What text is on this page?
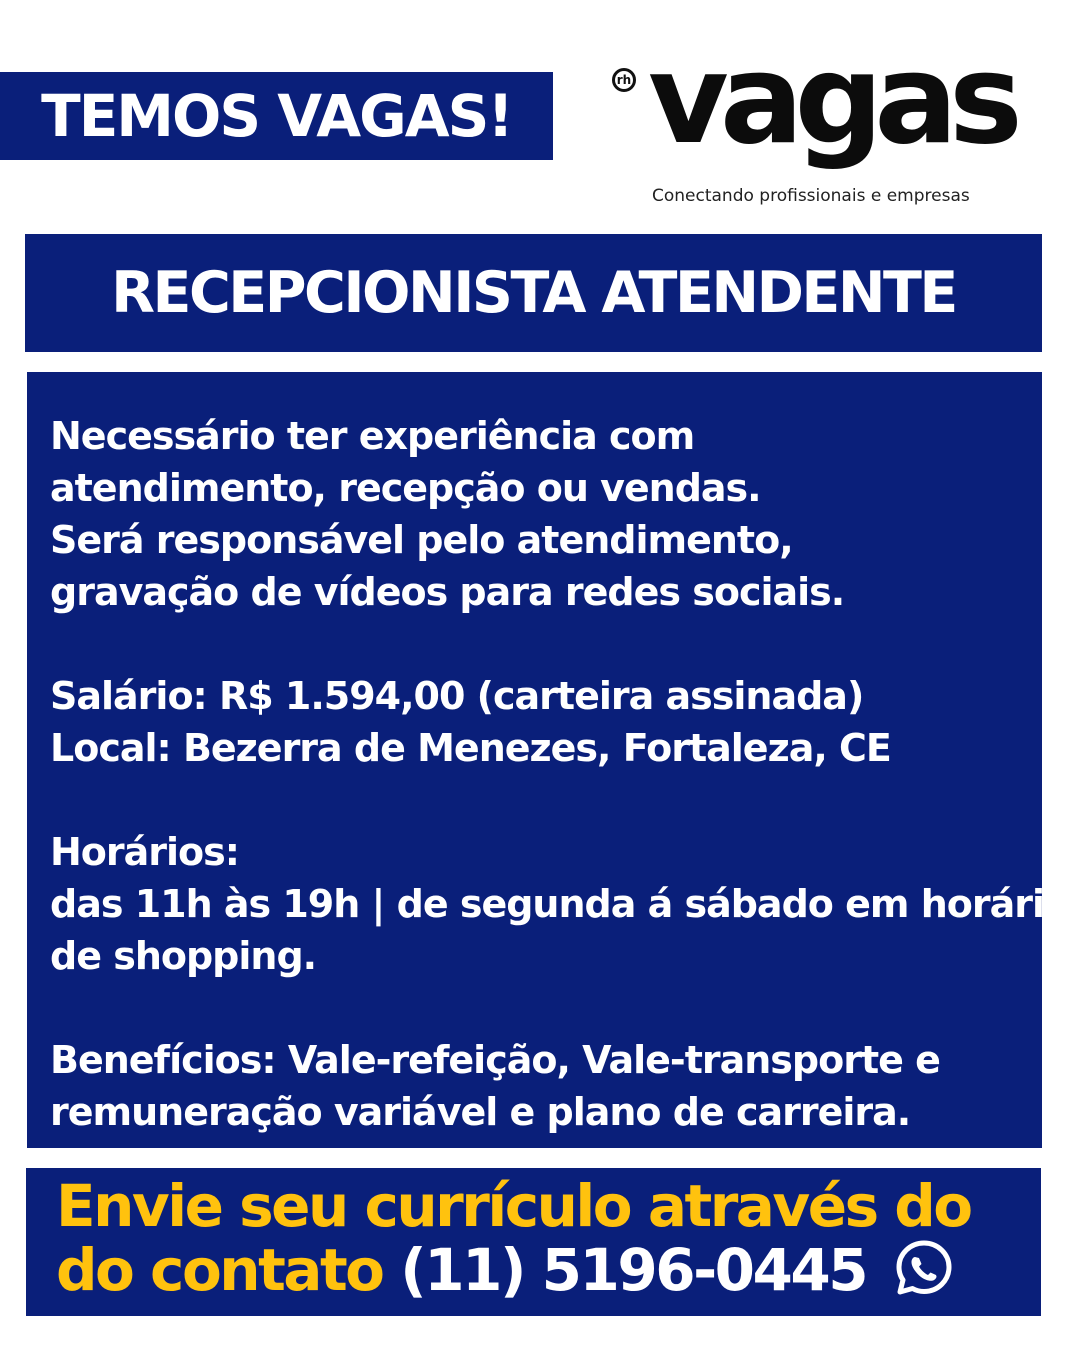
TEMOS VAGAS!
rh vagas
Conectando profissionais e empresas
RECEPCIONISTA ATENDENTE
Necessário ter experiência com
atendimento, recepção ou vendas.
Será responsável pelo atendimento,
gravação de vídeos para redes sociais.
Salário: R$ 1.594,00 (carteira assinada)
Local: Bezerra de Menezes, Fortaleza, CE
Horários:
das 11h às 19h | de segunda á sábado em horário
de shopping.
Benefícios: Vale-refeição, Vale-transporte e
remuneração variável e plano de carreira.
Envie seu currículo através do
do contato (11) 5196-0445
